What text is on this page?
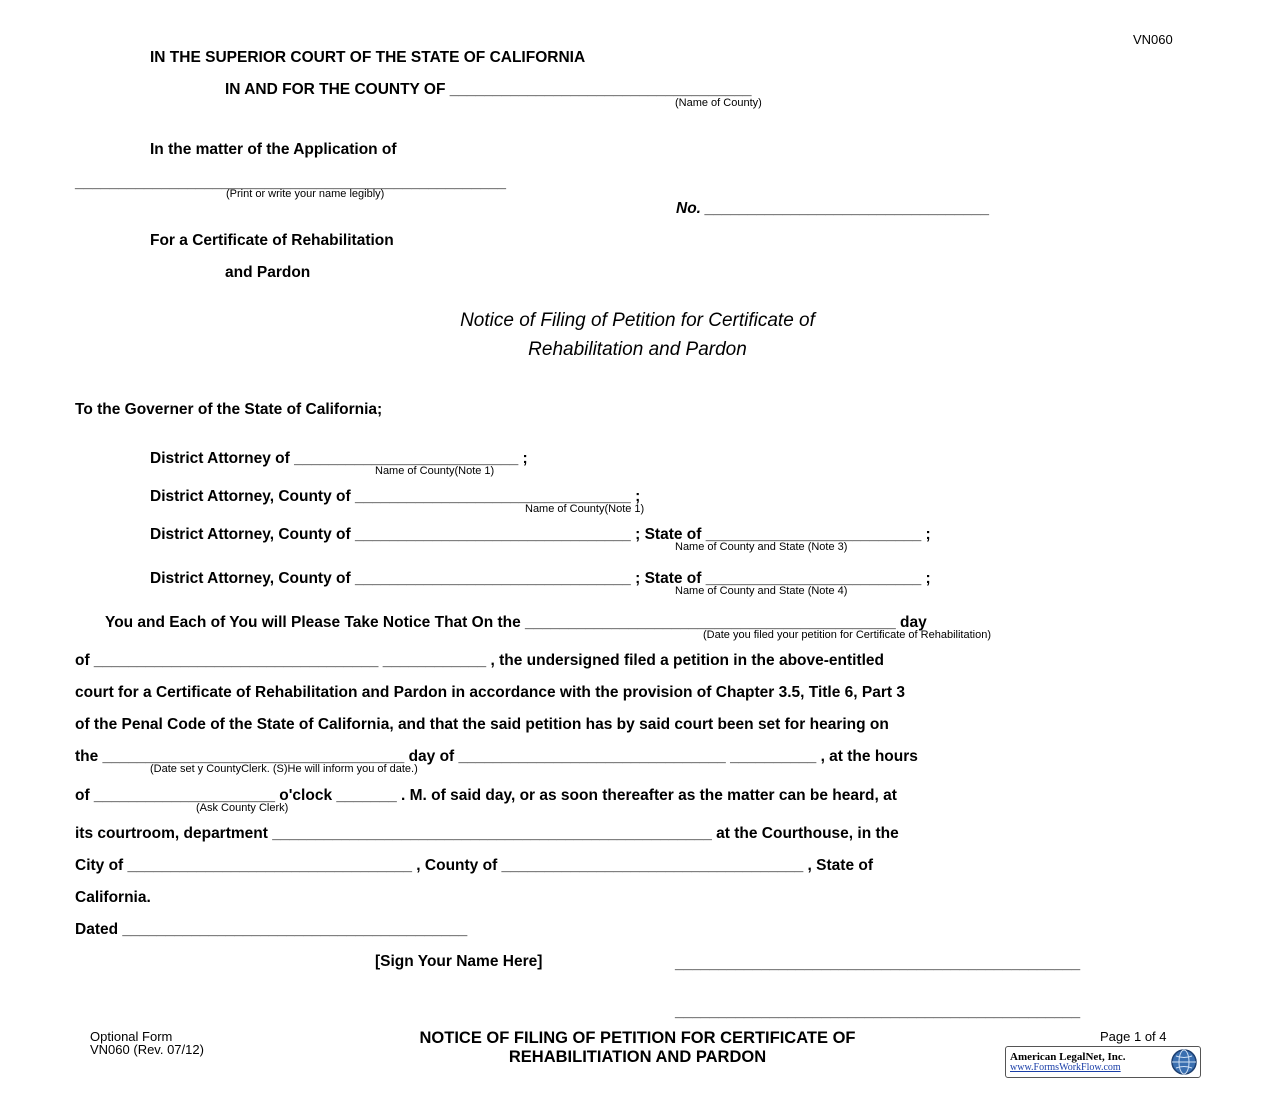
VN060
IN THE SUPERIOR COURT OF THE STATE OF CALIFORNIA
IN AND FOR THE COUNTY OF ___________________________________
(Name of County)
In the matter of the Application of
__________________________________________________
(Print or write your name legibly)
No. _________________________________
For a Certificate of Rehabilitation
and Pardon
Notice of Filing of Petition for Certificate of
Rehabilitation and Pardon
To the Governer of the State of California;
District Attorney of __________________________ ;
Name of County(Note 1)
District Attorney, County of ________________________________ ;
Name of County(Note 1)
District Attorney, County of ________________________________ ; State of _________________________ ;
Name of County and State (Note 3)
District Attorney, County of ________________________________ ; State of _________________________ ;
Name of County and State (Note 4)
You and Each of You will Please Take Notice That On the ___________________________________________ day
(Date you filed your petition for Certificate of Rehabilitation)
of _________________________________ ____________ , the undersigned filed a petition in the above-entitled
court for a Certificate of Rehabilitation and Pardon in accordance with the provision of Chapter 3.5, Title 6, Part 3
of the Penal Code of the State of California, and that the said petition has by said court been set for hearing on
the ___________________________________ day of _______________________________ __________ , at the hours
(Date set y CountyClerk. (S)He will inform you of date.)
of _____________________ o'clock _______ . M. of said day, or as soon thereafter as the matter can be heard, at
(Ask County Clerk)
its courtroom, department ___________________________________________________ at the Courthouse, in the
City of _________________________________ , County of ___________________________________ , State of
California.
Dated ________________________________________
[Sign Your Name Here]	_______________________________________________
_______________________________________________
Optional Form
VN060 (Rev. 07/12)
NOTICE OF FILING OF PETITION FOR CERTIFICATE OF
REHABILITIATION AND PARDON
Page 1 of 4
American LegalNet, Inc.
www.FormsWorkFlow.com
